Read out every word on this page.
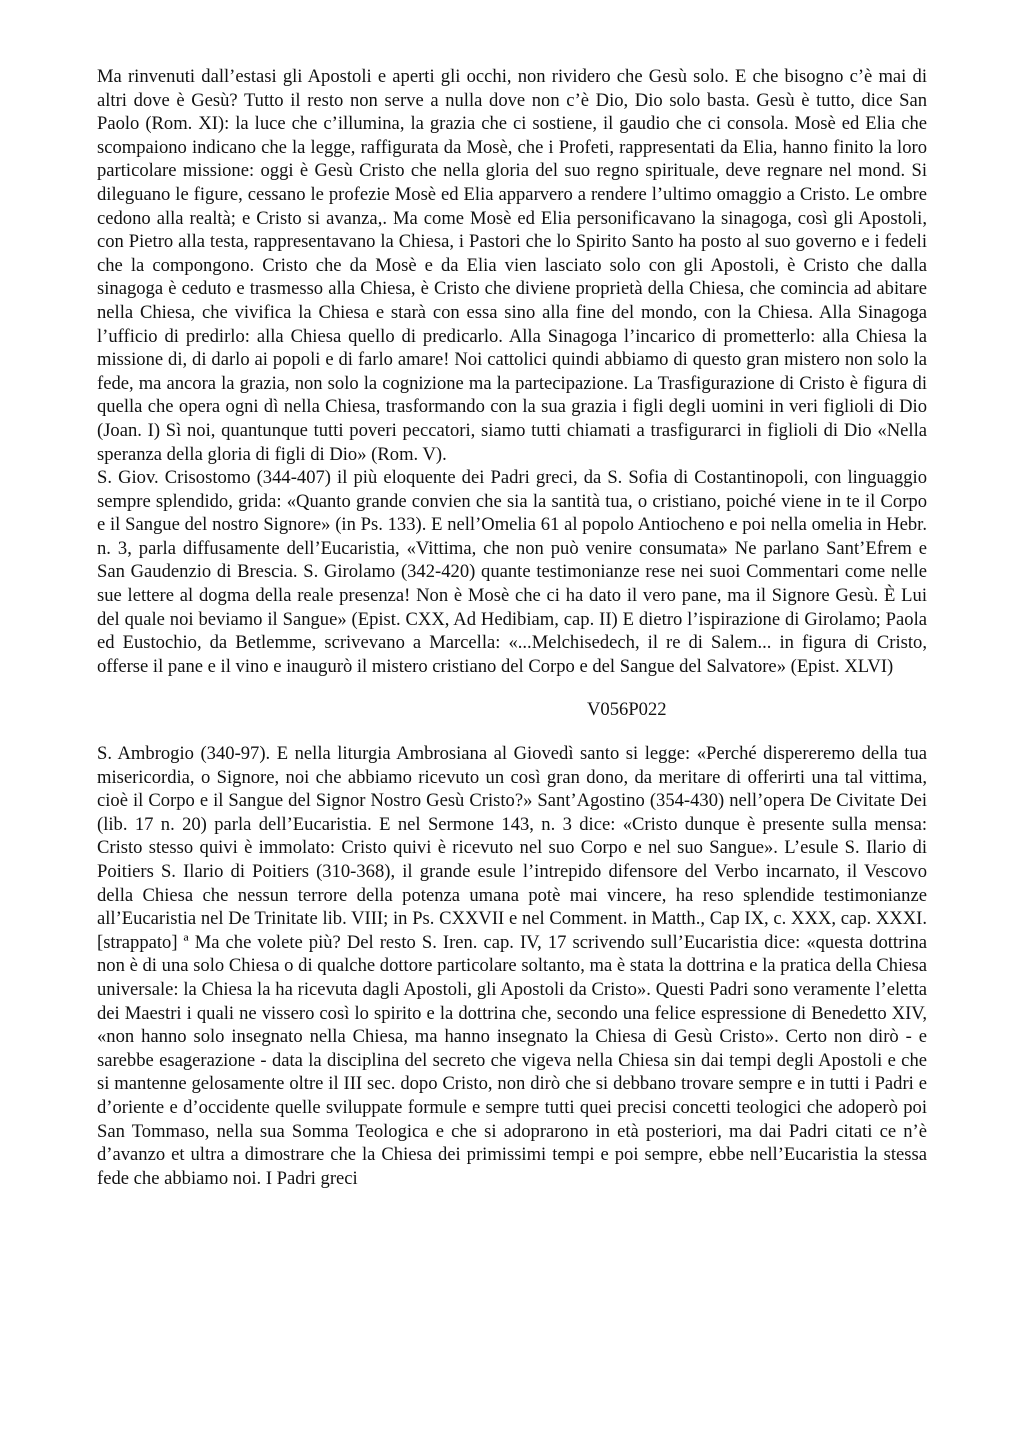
Ma rinvenuti dall’estasi gli Apostoli e aperti gli occhi, non rividero che Gesù solo. E che bisogno c’è mai di altri dove è Gesù? Tutto il resto non serve a nulla dove non c’è Dio, Dio solo basta. Gesù è tutto, dice San Paolo (Rom. XI): la luce che c’illumina, la grazia che ci sostiene, il gaudio che ci consola. Mosè ed Elia che scompaiono indicano che la legge, raffigurata da Mosè, che i Profeti, rappresentati da Elia, hanno finito la loro particolare missione: oggi è Gesù Cristo che nella gloria del suo regno spirituale, deve regnare nel mond. Si dileguano le figure, cessano le profezie Mosè ed Elia apparvero a rendere l’ultimo omaggio a Cristo. Le ombre cedono alla realtà; e Cristo si avanza,. Ma come Mosè ed Elia personificavano la sinagoga, così gli Apostoli, con Pietro alla testa, rappresentavano la Chiesa, i Pastori che lo Spirito Santo ha posto al suo governo e i fedeli che la compongono. Cristo che da Mosè e da Elia vien lasciato solo con gli Apostoli, è Cristo che dalla sinagoga è ceduto e trasmesso alla Chiesa, è Cristo che diviene proprietà della Chiesa, che comincia ad abitare nella Chiesa, che vivifica la Chiesa e starà con essa sino alla fine del mondo, con la Chiesa. Alla Sinagoga l’ufficio di predirlo: alla Chiesa quello di predicarlo. Alla Sinagoga l’incarico di prometterlo: alla Chiesa la missione di, di darlo ai popoli e di farlo amare! Noi cattolici quindi abbiamo di questo gran mistero non solo la fede, ma ancora la grazia, non solo la cognizione ma la partecipazione. La Trasfigurazione di Cristo è figura di quella che opera ogni dì nella Chiesa, trasformando con la sua grazia i figli degli uomini in veri figlioli di Dio (Joan. I) Sì noi, quantunque tutti poveri peccatori, siamo tutti chiamati a trasfigurarci in figlioli di Dio «Nella speranza della gloria di figli di Dio» (Rom. V).

S. Giov. Crisostomo (344-407) il più eloquente dei Padri greci, da S. Sofia di Costantinopoli, con linguaggio sempre splendido, grida: «Quanto grande convien che sia la santità tua, o cristiano, poiché viene in te il Corpo e il Sangue del nostro Signore» (in Ps. 133). E nell’Omelia 61 al popolo Antiocheno e poi nella omelia in Hebr. n. 3, parla diffusamente dell’Eucaristia, «Vittima, che non può venire consumata» Ne parlano Sant’Efrem e San Gaudenzio di Brescia. S. Girolamo (342-420) quante testimonianze rese nei suoi Commentari come nelle sue lettere al dogma della reale presenza! Non è Mosè che ci ha dato il vero pane, ma il Signore Gesù. È Lui del quale noi beviamo il Sangue» (Epist. CXX, Ad Hedibiam, cap. II) E dietro l’ispirazione di Girolamo; Paola ed Eustochio, da Betlemme, scrivevano a Marcella: «...Melchisedech, il re di Salem... in figura di Cristo, offerse il pane e il vino e inaugurò il mistero cristiano del Corpo e del Sangue del Salvatore» (Epist. XLVI)

V056P022

S. Ambrogio (340-97). E nella liturgia Ambrosiana al Giovedì santo si legge: «Perché dispereremo della tua misericordia, o Signore, noi che abbiamo ricevuto un così gran dono, da meritare di offerirti una tal vittima, cioè il Corpo e il Sangue del Signor Nostro Gesù Cristo?» Sant’Agostino (354-430) nell’opera De Civitate Dei (lib. 17 n. 20) parla dell’Eucaristia. E nel Sermone 143, n. 3 dice: «Cristo dunque è presente sulla mensa: Cristo stesso quivi è immolato: Cristo quivi è ricevuto nel suo Corpo e nel suo Sangue». L’esule S. Ilario di Poitiers S. Ilario di Poitiers (310-368), il grande esule l’intrepido difensore del Verbo incarnato, il Vescovo della Chiesa che nessun terrore della potenza umana potè mai vincere, ha reso splendide testimonianze all’Eucaristia nel De Trinitate lib. VIII; in Ps. CXXVII e nel Comment. in Matth., Cap IX, c. XXX, cap. XXXI. [strappato] ª Ma che volete più? Del resto S. Iren. cap. IV, 17 scrivendo sull’Eucaristia dice: «questa dottrina non è di una solo Chiesa o di qualche dottore particolare soltanto, ma è stata la dottrina e la pratica della Chiesa universale: la Chiesa la ha ricevuta dagli Apostoli, gli Apostoli da Cristo». Questi Padri sono veramente l’eletta dei Maestri i quali ne vissero così lo spirito e la dottrina che, secondo una felice espressione di Benedetto XIV, «non hanno solo insegnato nella Chiesa, ma hanno insegnato la Chiesa di Gesù Cristo». Certo non dirò - e sarebbe esagerazione - data la disciplina del secreto che vigeva nella Chiesa sin dai tempi degli Apostoli e che si mantenne gelosamente oltre il III sec. dopo Cristo, non dirò che si debbano trovare sempre e in tutti i Padri e d’oriente e d’occidente quelle sviluppate formule e sempre tutti quei precisi concetti teologici che adoperò poi San Tommaso, nella sua Somma Teologica e che si adoprarono in età posteriori, ma dai Padri citati ce n’è d’avanzo et ultra a dimostrare che la Chiesa dei primissimi tempi e poi sempre, ebbe nell’Eucaristia la stessa fede che abbiamo noi. I Padri greci
